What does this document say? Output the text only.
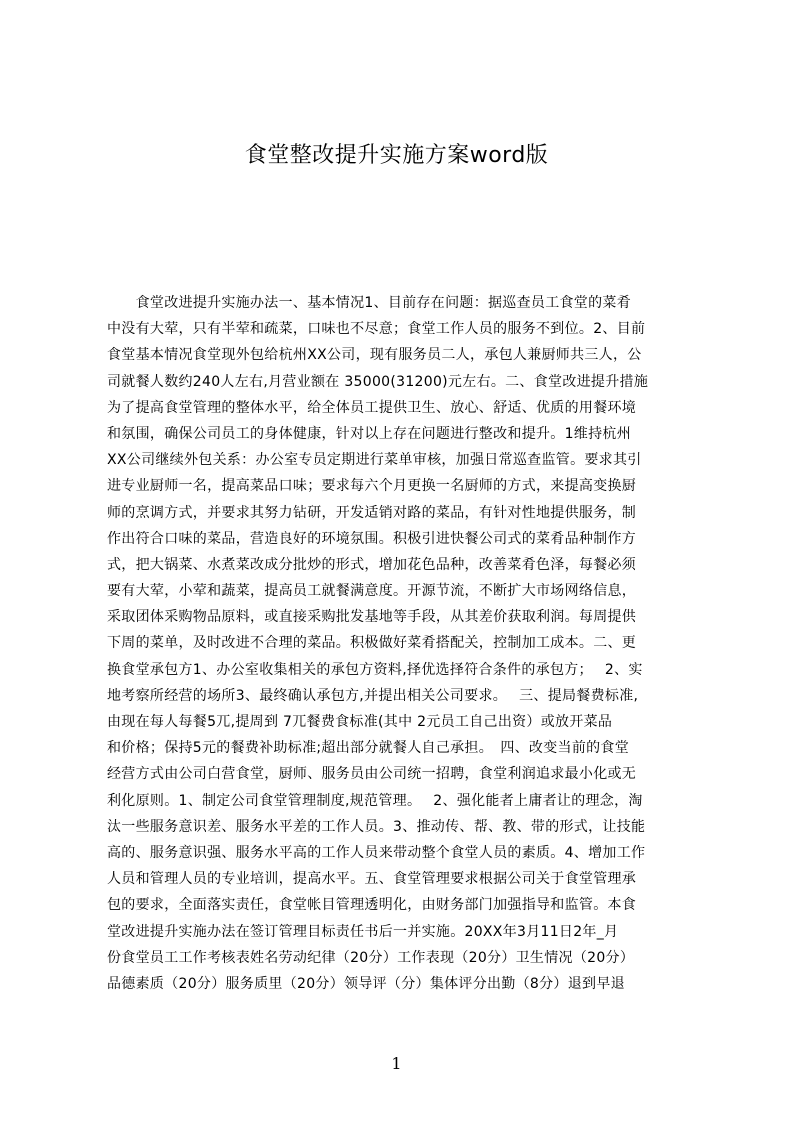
食堂整改提升实施方案word版
　　食堂改进提升实施办法一、基本情况1、目前存在问题：据巡查员工食堂的菜肴
中没有大荤，只有半荤和疏菜，口味也不尽意；食堂工作人员的服务不到位。2、目前
食堂基本情况食堂现外包给杭州XX公司，现有服务员二人，承包人兼厨师共三人，公
司就餐人数约240人左右,月营业额在 35000(31200)元左右。二、食堂改进提升措施
为了提高食堂管理的整体水平，给全体员工提供卫生、放心、舒适、优质的用餐环境
和氛围，确保公司员工的身体健康，针对以上存在问题进行整改和提升。1维持杭州
XX公司继续外包关系：办公室专员定期进行菜单审核，加强日常巡查监管。要求其引
进专业厨师一名，提高菜品口味；要求每六个月更换一名厨师的方式，来提高变换厨
师的烹调方式，并要求其努力钻研，开发适销对路的菜品，有针对性地提供服务，制
作出符合口味的菜品，营造良好的环境氛围。积极引进快餐公司式的菜肴品种制作方
式，把大锅菜、水煮菜改成分批炒的形式，增加花色品种，改善菜肴色泽，每餐必须
要有大荤，小荤和蔬菜，提高员工就餐满意度。开源节流，不断扩大市场网络信息，
采取团体采购物品原料，或直接采购批发基地等手段，从其差价获取利润。每周提供
下周的菜单，及时改进不合理的菜品。积极做好菜肴搭配关，控制加工成本。二、更
换食堂承包方1、办公室收集相关的承包方资料,择优选择符合条件的承包方；　 2、实
地考察所经营的场所3、最终确认承包方,并提出相关公司要求。　 三、提局餐费标准,
由现在每人每餐5兀,提周到 7兀餐费食标准(其中 2元员工自己出资）或放开菜品
和价格；保持5元的餐费补助标准;超出部分就餐人自己承担。　四、改变当前的食堂
经营方式由公司白营食堂，厨师、服务员由公司统一招聘，食堂利润追求最小化或无
利化原则。1、制定公司食堂管理制度,规范管理。　 2、强化能者上庸者让的理念，淘
汰一些服务意识差、服务水平差的工作人员。3、推动传、帮、教、带的形式，让技能
高的、服务意识强、服务水平高的工作人员来带动整个食堂人员的素质。4、增加工作
人员和管理人员的专业培训，提高水平。五、食堂管理要求根据公司关于食堂管理承
包的要求，全面落实责任，食堂帐目管理透明化，由财务部门加强指导和监管。本食
堂改进提升实施办法在签订管理目标责任书后一并实施。20XX年3月11日2年_月
份食堂员工工作考核表姓名劳动纪律（20分）工作表现（20分）卫生情况（20分）
品德素质（20分）服务质里（20分）领导评（分）集体评分出勤（8分）退到早退
1
